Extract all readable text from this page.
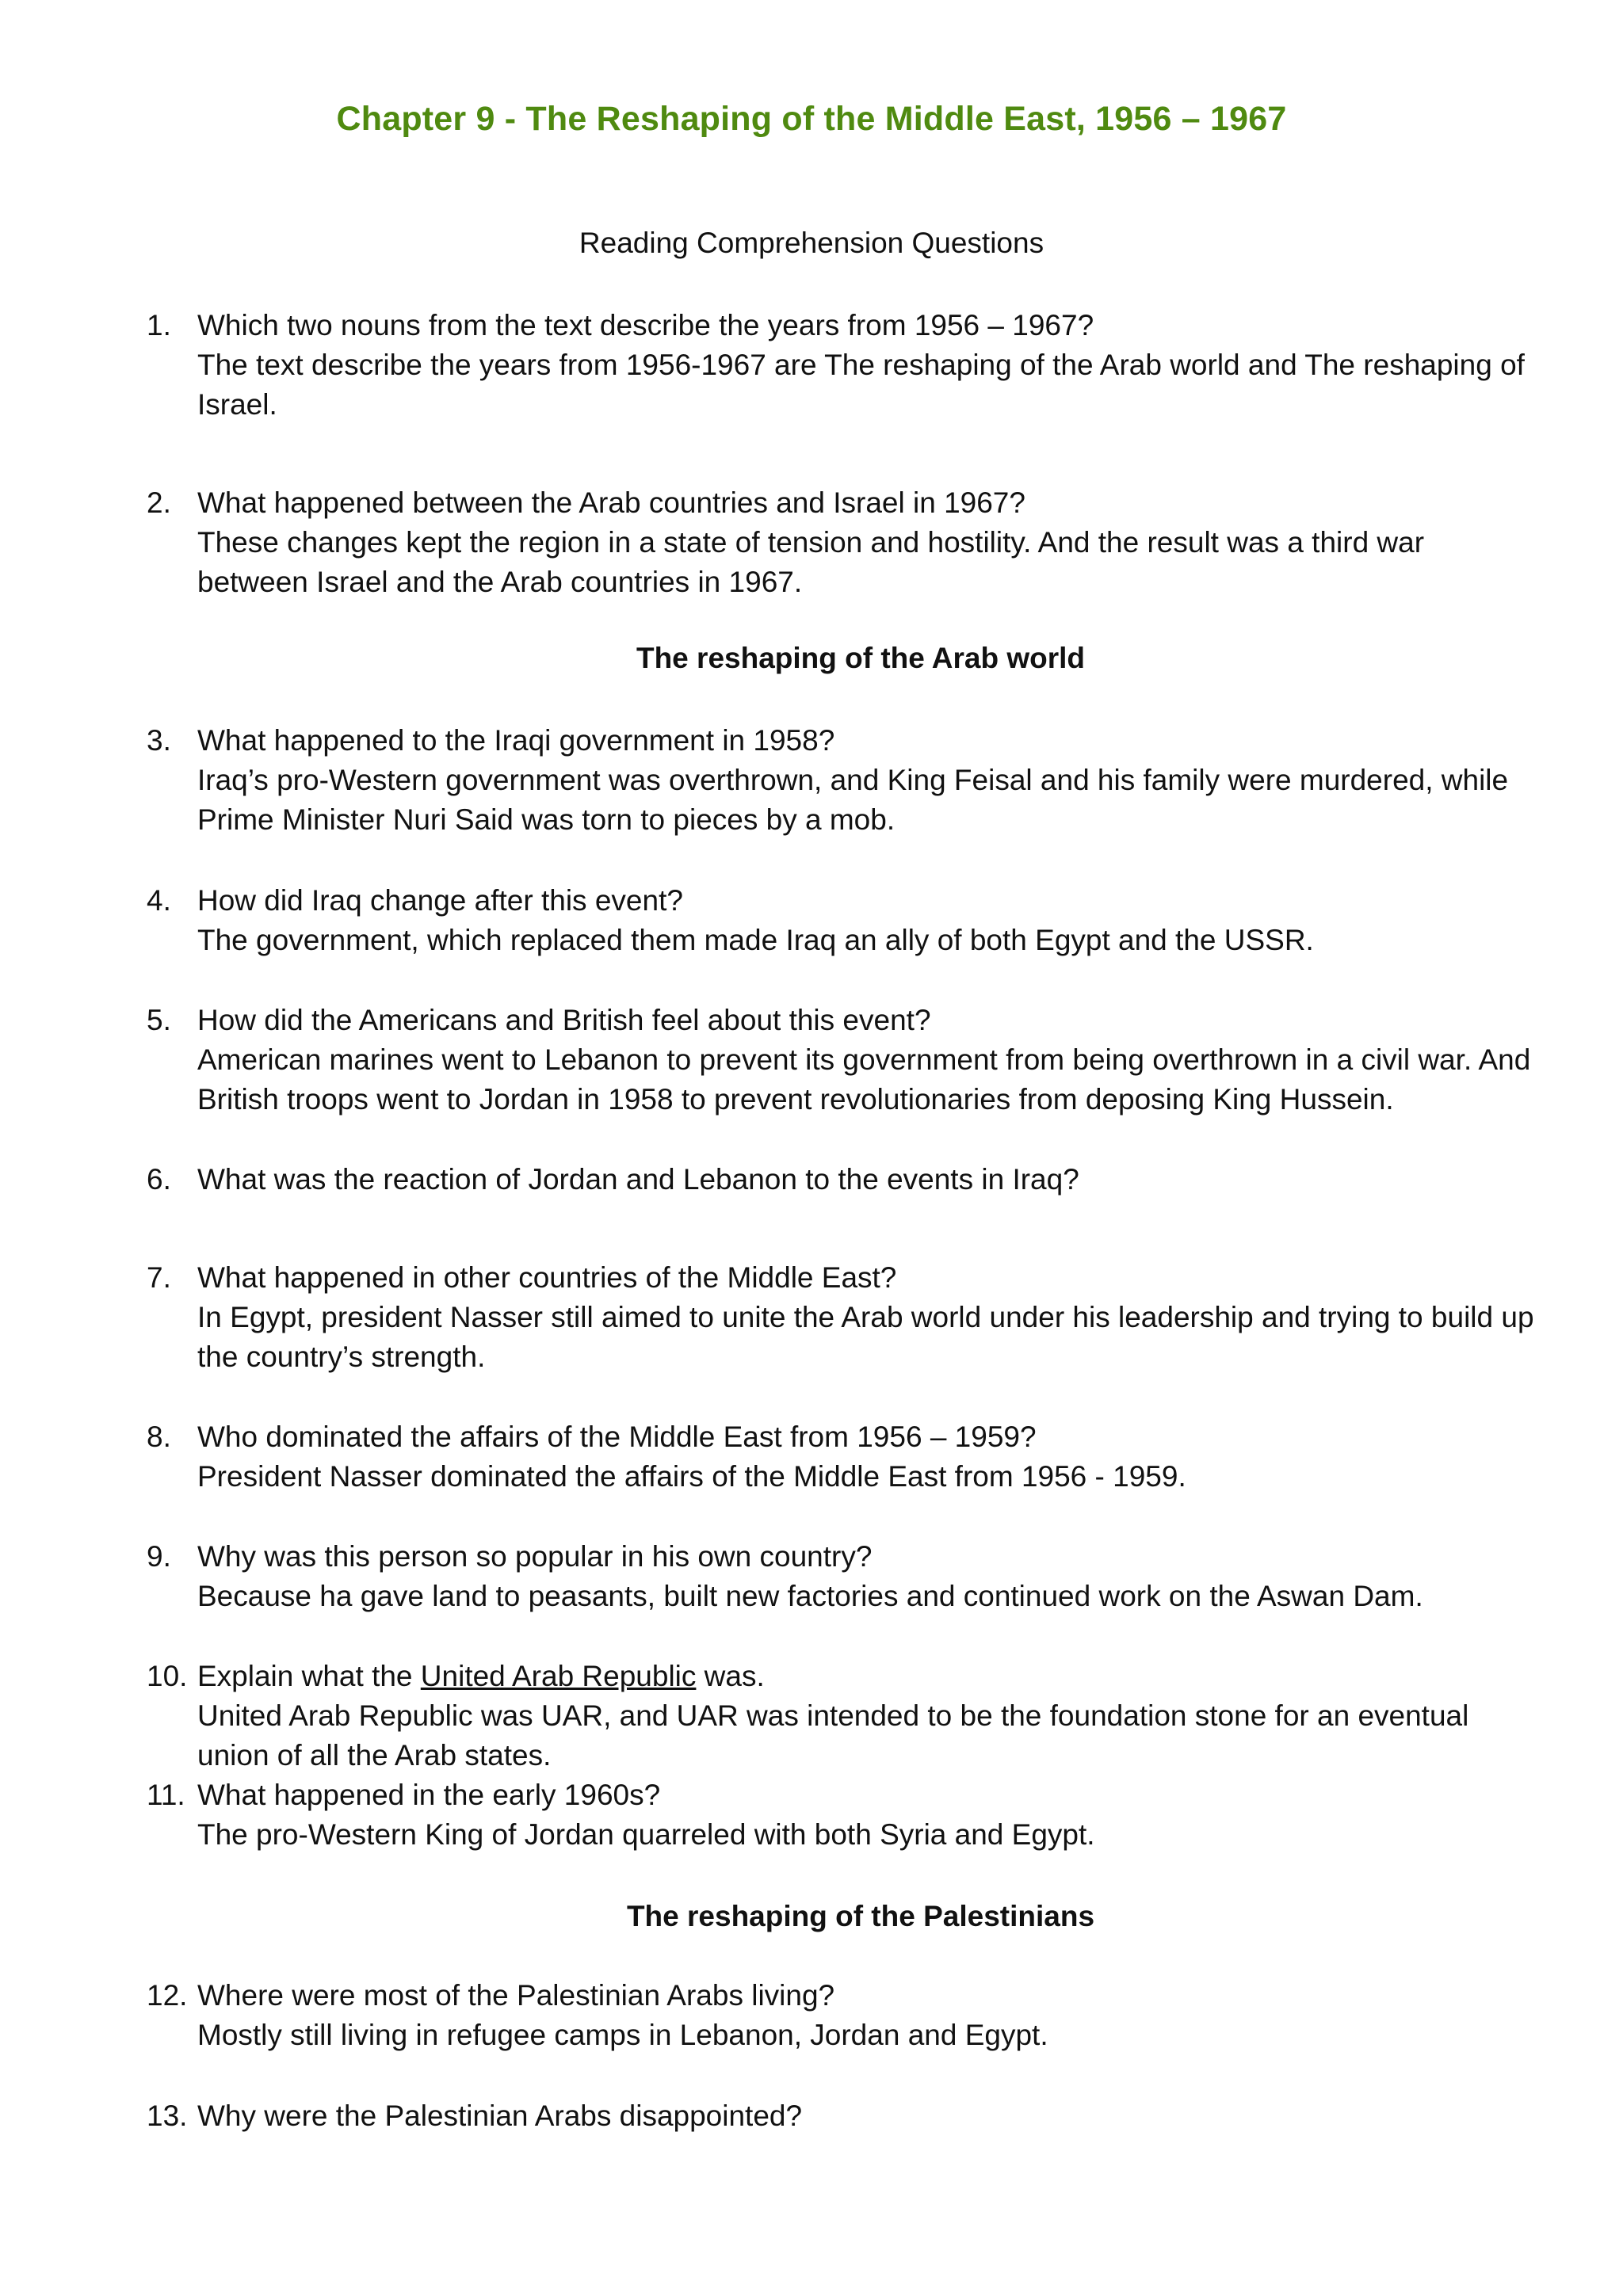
Chapter 9 - The Reshaping of the Middle East, 1956 – 1967
Reading Comprehension Questions
1. Which two nouns from the text describe the years from 1956 – 1967?
The text describe the years from 1956-1967 are The reshaping of the Arab world and The reshaping of Israel.
2. What happened between the Arab countries and Israel in 1967?
These changes kept the region in a state of tension and hostility. And the result was a third war between Israel and the Arab countries in 1967.
The reshaping of the Arab world
3. What happened to the Iraqi government in 1958?
Iraq’s pro-Western government was overthrown, and King Feisal and his family were murdered, while Prime Minister Nuri Said was torn to pieces by a mob.
4. How did Iraq change after this event?
The government, which replaced them made Iraq an ally of both Egypt and the USSR.
5. How did the Americans and British feel about this event?
American marines went to Lebanon to prevent its government from being overthrown in a civil war. And British troops went to Jordan in 1958 to prevent revolutionaries from deposing King Hussein.
6. What was the reaction of Jordan and Lebanon to the events in Iraq?
7. What happened in other countries of the Middle East?
In Egypt, president Nasser still aimed to unite the Arab world under his leadership and trying to build up the country’s strength.
8. Who dominated the affairs of the Middle East from 1956 – 1959?
President Nasser dominated the affairs of the Middle East from 1956 - 1959.
9. Why was this person so popular in his own country?
Because ha gave land to peasants, built new factories and continued work on the Aswan Dam.
10. Explain what the United Arab Republic was.
United Arab Republic was UAR, and UAR was intended to be the foundation stone for an eventual union of all the Arab states.
11. What happened in the early 1960s?
The pro-Western King of Jordan quarreled with both Syria and Egypt.
The reshaping of the Palestinians
12. Where were most of the Palestinian Arabs living?
Mostly still living in refugee camps in Lebanon, Jordan and Egypt.
13. Why were the Palestinian Arabs disappointed?
